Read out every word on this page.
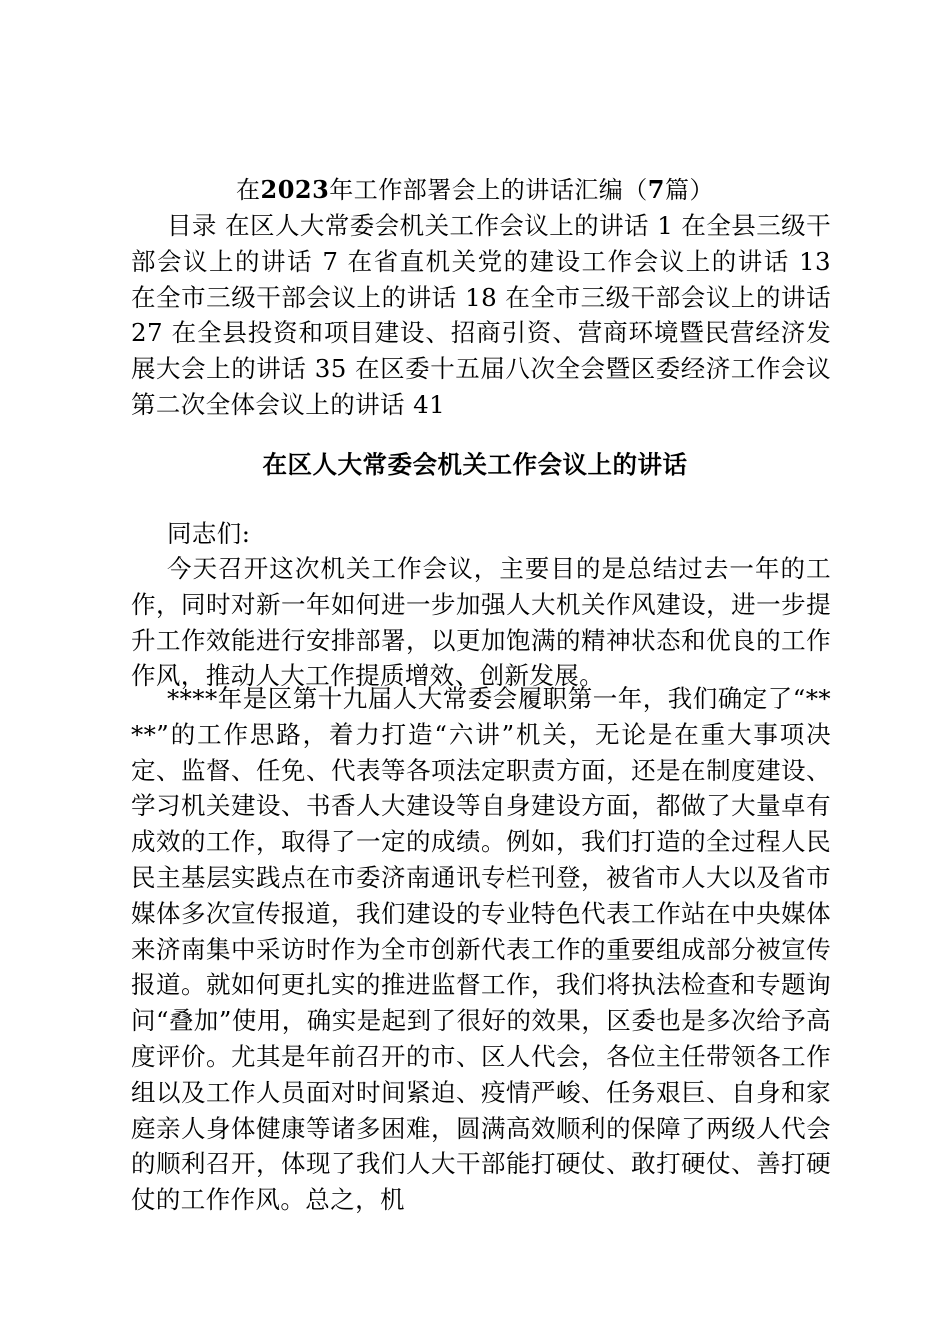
在2023年工作部署会上的讲话汇编（7篇）

目录 在区人大常委会机关工作会议上的讲话 1 在全县三级干部会议上的讲话 7 在省直机关党的建设工作会议上的讲话 13 在全市三级干部会议上的讲话 18 在全市三级干部会议上的讲话 27 在全县投资和项目建设、招商引资、营商环境暨民营经济发展大会上的讲话 35 在区委十五届八次全会暨区委经济工作会议第二次全体会议上的讲话 41

在区人大常委会机关工作会议上的讲话

同志们:

今天召开这次机关工作会议，主要目的是总结过去一年的工作，同时对新一年如何进一步加强人大机关作风建设，进一步提升工作效能进行安排部署，以更加饱满的精神状态和优良的工作作风，推动人大工作提质增效、创新发展。

****年是区第十九届人大常委会履职第一年，我们确定了“****”的工作思路，着力打造“六讲”机关，无论是在重大事项决定、监督、任免、代表等各项法定职责方面，还是在制度建设、学习机关建设、书香人大建设等自身建设方面，都做了大量卓有成效的工作，取得了一定的成绩。例如，我们打造的全过程人民民主基层实践点在市委济南通讯专栏刊登，被省市人大以及省市媒体多次宣传报道，我们建设的专业特色代表工作站在中央媒体来济南集中采访时作为全市创新代表工作的重要组成部分被宣传报道。就如何更扎实的推进监督工作，我们将执法检查和专题询问“叠加”使用，确实是起到了很好的效果，区委也是多次给予高度评价。尤其是年前召开的市、区人代会，各位主任带领各工作组以及工作人员面对时间紧迫、疫情严峻、任务艰巨、自身和家庭亲人身体健康等诸多困难，圆满高效顺利的保障了两级人代会的顺利召开，体现了我们人大干部能打硬仗、敢打硬仗、善打硬仗的工作作风。总之，机
